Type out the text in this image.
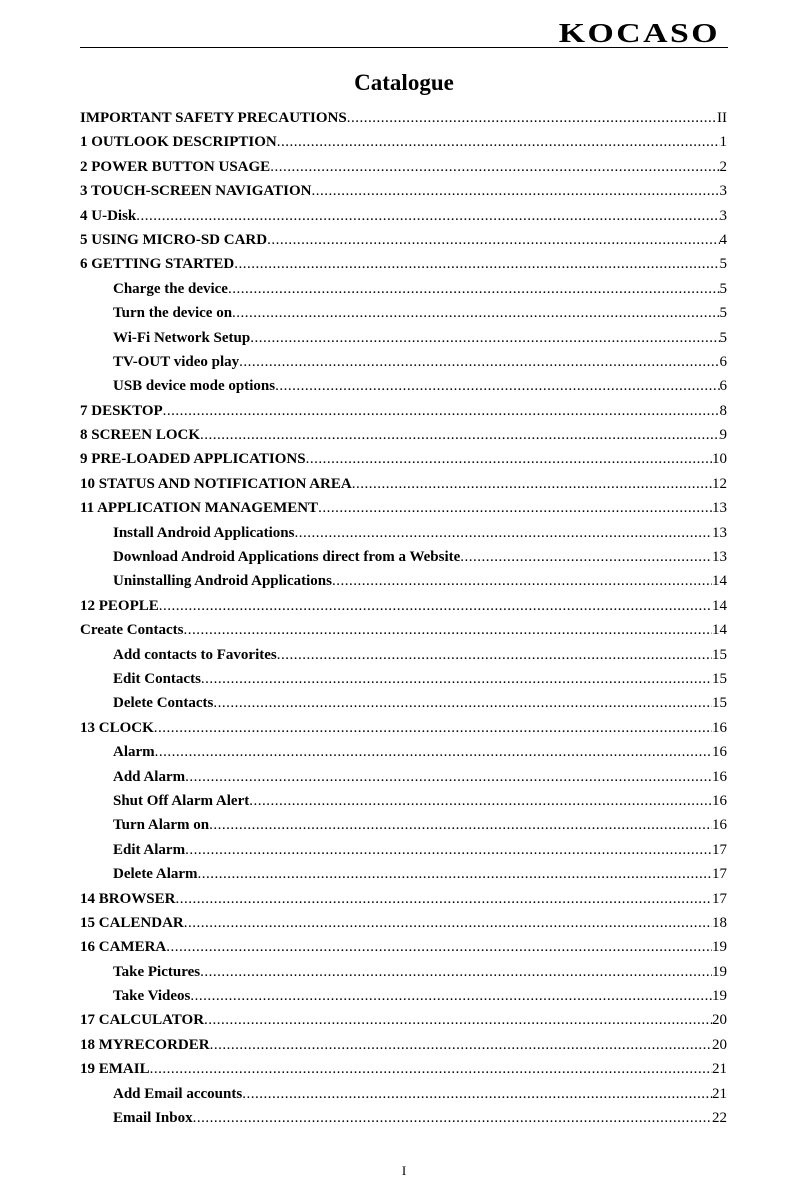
KOCASO
Catalogue
IMPORTANT SAFETY PRECAUTIONS .....	II
1 OUTLOOK DESCRIPTION .....	1
2 POWER BUTTON USAGE .....	2
3 TOUCH-SCREEN NAVIGATION .....	3
4 U-Disk .....	3
5 USING MICRO-SD CARD .....	4
6 GETTING STARTED .....	5
Charge the device .....	5
Turn the device on .....	5
Wi-Fi Network Setup .....	5
TV-OUT video play .....	6
USB device mode options .....	6
7 DESKTOP .....	8
8 SCREEN LOCK .....	9
9 PRE-LOADED APPLICATIONS .....	10
10 STATUS AND NOTIFICATION AREA .....	12
11 APPLICATION MANAGEMENT .....	13
Install Android Applications .....	13
Download Android Applications direct from a Website .....	13
Uninstalling Android Applications .....	14
12 PEOPLE .....	14
Create Contacts .....	14
Add contacts to Favorites .....	15
Edit Contacts .....	15
Delete Contacts .....	15
13 CLOCK .....	16
Alarm .....	16
Add Alarm .....	16
Shut Off Alarm Alert .....	16
Turn Alarm on .....	16
Edit Alarm .....	17
Delete Alarm .....	17
14 BROWSER .....	17
15 CALENDAR .....	18
16 CAMERA .....	19
Take Pictures .....	19
Take Videos .....	19
17 CALCULATOR .....	20
18 MYRECORDER .....	20
19 EMAIL .....	21
Add Email accounts .....	21
Email Inbox .....	22
I
